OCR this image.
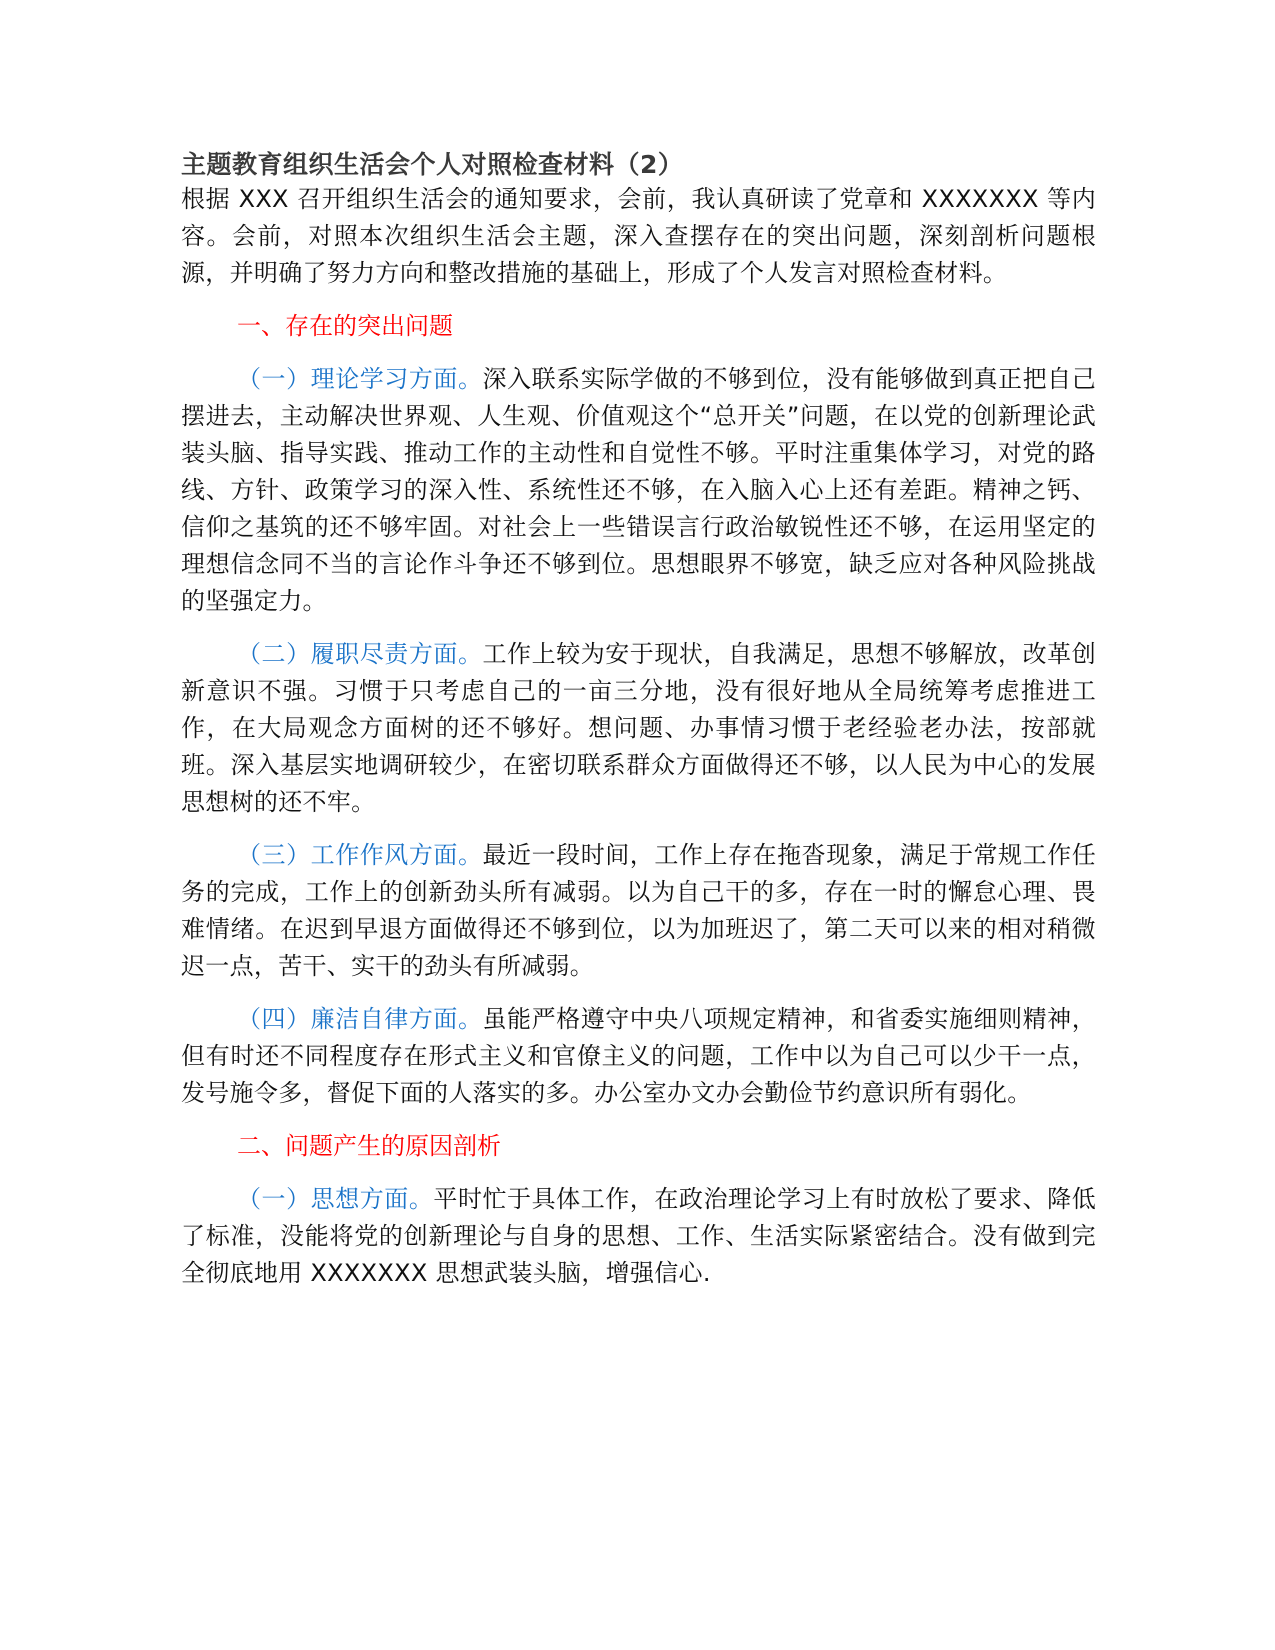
主题教育组织生活会个人对照检查材料（2）

根据 XXX 召开组织生活会的通知要求，会前，我认真研读了党章和 XXXXXXX 等内容。会前，对照本次组织生活会主题，深入查摆存在的突出问题，深刻剖析问题根源，并明确了努力方向和整改措施的基础上，形成了个人发言对照检查材料。

一、存在的突出问题

（一）理论学习方面。深入联系实际学做的不够到位，没有能够做到真正把自己摆进去，主动解决世界观、人生观、价值观这个“总开关”问题，在以党的创新理论武装头脑、指导实践、推动工作的主动性和自觉性不够。平时注重集体学习，对党的路线、方针、政策学习的深入性、系统性还不够，在入脑入心上还有差距。精神之钙、信仰之基筑的还不够牢固。对社会上一些错误言行政治敏锐性还不够，在运用坚定的理想信念同不当的言论作斗争还不够到位。思想眼界不够宽，缺乏应对各种风险挑战的坚强定力。

（二）履职尽责方面。工作上较为安于现状，自我满足，思想不够解放，改革创新意识不强。习惯于只考虑自己的一亩三分地，没有很好地从全局统筹考虑推进工作，在大局观念方面树的还不够好。想问题、办事情习惯于老经验老办法，按部就班。深入基层实地调研较少，在密切联系群众方面做得还不够，以人民为中心的发展思想树的还不牢。

（三）工作作风方面。最近一段时间，工作上存在拖沓现象，满足于常规工作任务的完成，工作上的创新劲头所有减弱。以为自己干的多，存在一时的懈怠心理、畏难情绪。在迟到早退方面做得还不够到位，以为加班迟了，第二天可以来的相对稍微迟一点，苦干、实干的劲头有所减弱。

（四）廉洁自律方面。虽能严格遵守中央八项规定精神，和省委实施细则精神，但有时还不同程度存在形式主义和官僚主义的问题，工作中以为自己可以少干一点，发号施令多，督促下面的人落实的多。办公室办文办会勤俭节约意识所有弱化。

二、问题产生的原因剖析

（一）思想方面。平时忙于具体工作，在政治理论学习上有时放松了要求、降低了标准，没能将党的创新理论与自身的思想、工作、生活实际紧密结合。没有做到完全彻底地用 XXXXXXX 思想武装头脑，增强信心.
